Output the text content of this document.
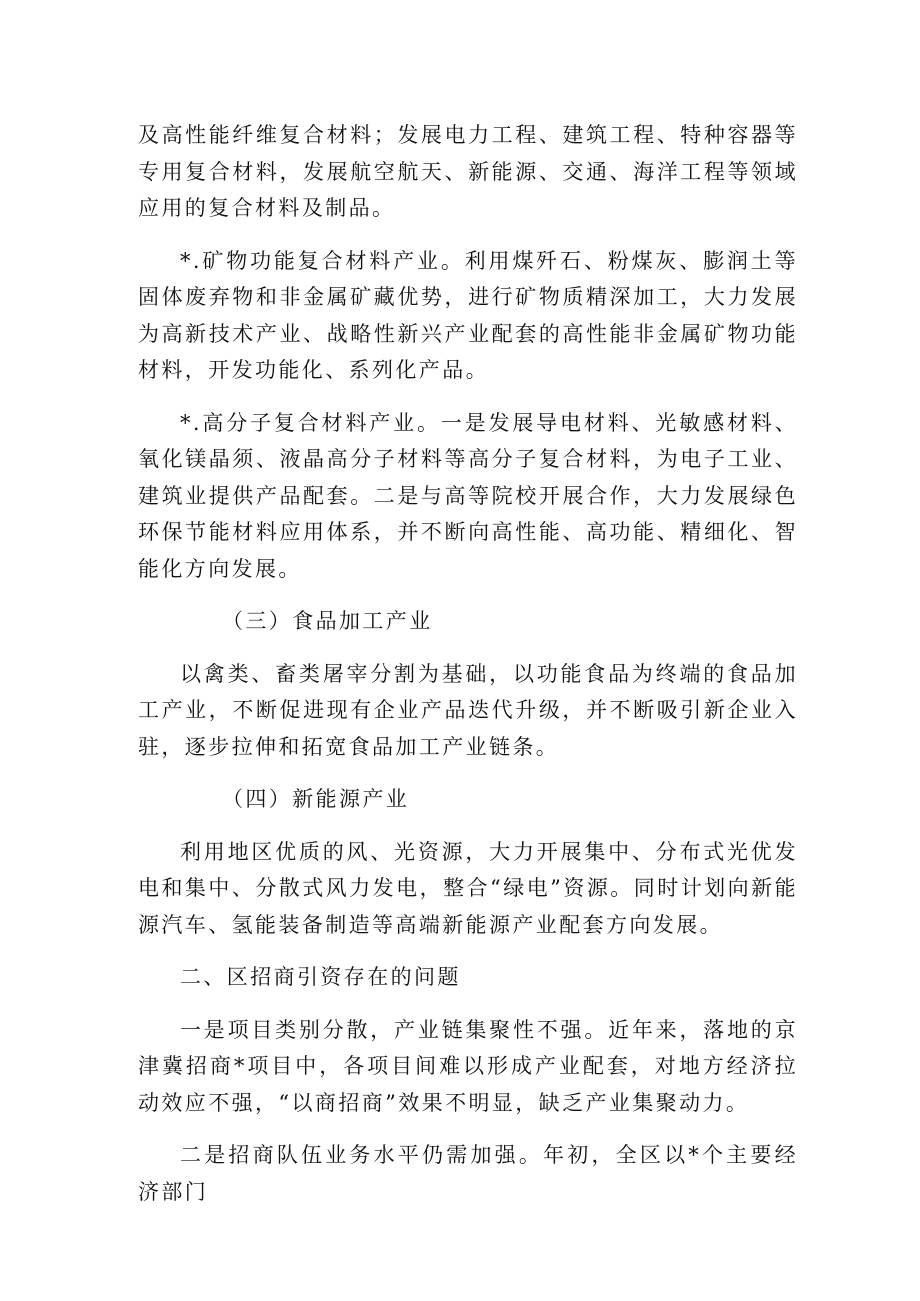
及高性能纤维复合材料；发展电力工程、建筑工程、特种容器等专用复合材料，发展航空航天、新能源、交通、海洋工程等领域应用的复合材料及制品。

*.矿物功能复合材料产业。利用煤歼石、粉煤灰、膨润土等固体废弃物和非金属矿藏优势，进行矿物质精深加工，大力发展为高新技术产业、战略性新兴产业配套的高性能非金属矿物功能材料，开发功能化、系列化产品。

*.高分子复合材料产业。一是发展导电材料、光敏感材料、氧化镁晶须、液晶高分子材料等高分子复合材料，为电子工业、建筑业提供产品配套。二是与高等院校开展合作，大力发展绿色环保节能材料应用体系，并不断向高性能、高功能、精细化、智能化方向发展。

（三）食品加工产业

以禽类、畜类屠宰分割为基础，以功能食品为终端的食品加工产业，不断促进现有企业产品迭代升级，并不断吸引新企业入驻，逐步拉伸和拓宽食品加工产业链条。

（四）新能源产业

利用地区优质的风、光资源，大力开展集中、分布式光优发电和集中、分散式风力发电，整合“绿电”资源。同时计划向新能源汽车、氢能装备制造等高端新能源产业配套方向发展。

二、区招商引资存在的问题

一是项目类别分散，产业链集聚性不强。近年来，落地的京津冀招商*项目中，各项目间难以形成产业配套，对地方经济拉动效应不强，“以商招商”效果不明显，缺乏产业集聚动力。

二是招商队伍业务水平仍需加强。年初，全区以*个主要经济部门
